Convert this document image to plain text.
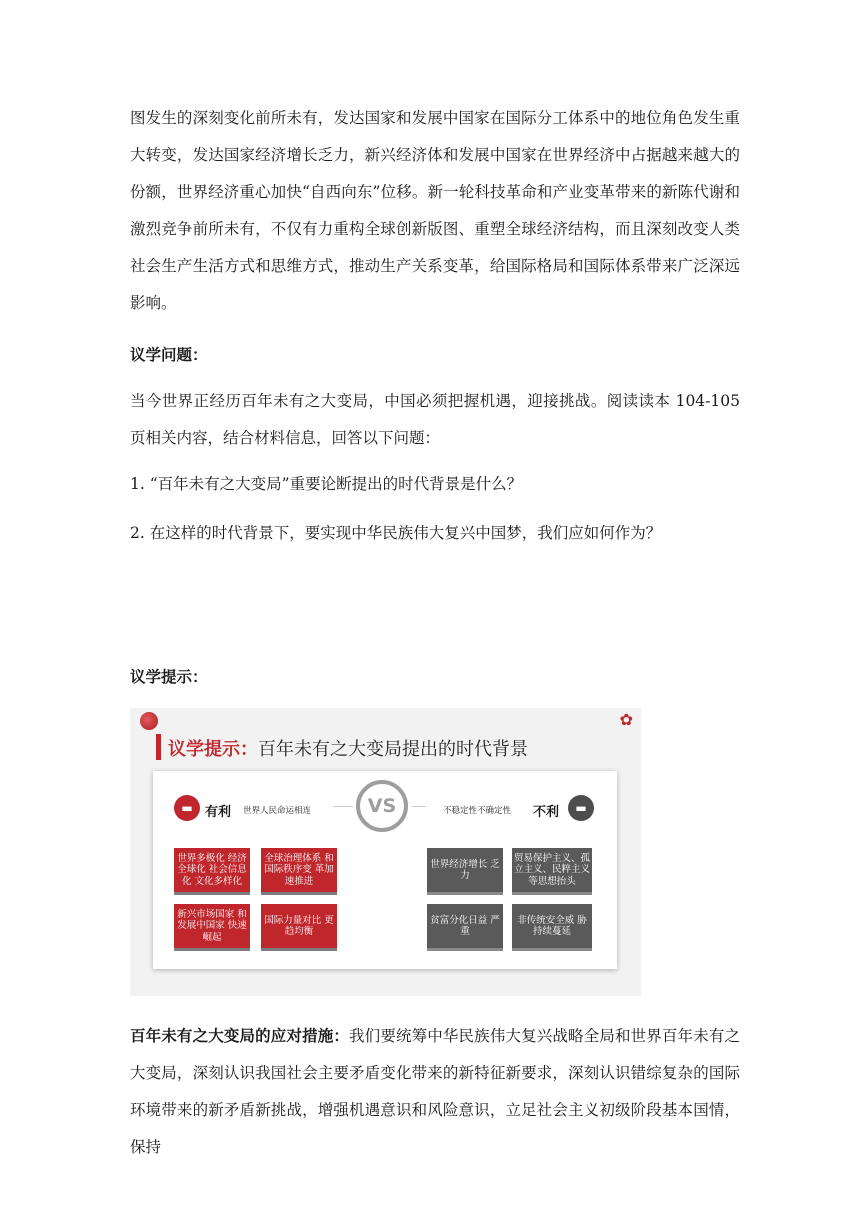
图发生的深刻变化前所未有，发达国家和发展中国家在国际分工体系中的地位角色发生重大转变，发达国家经济增长乏力，新兴经济体和发展中国家在世界经济中占据越来越大的份额，世界经济重心加快“自西向东”位移。新一轮科技革命和产业变革带来的新陈代谢和激烈竞争前所未有，不仅有力重构全球创新版图、重塑全球经济结构，而且深刻改变人类社会生产生活方式和思维方式，推动生产关系变革，给国际格局和国际体系带来广泛深远影响。

议学问题：

当今世界正经历百年未有之大变局，中国必须把握机遇，迎接挑战。阅读读本 104-105 页相关内容，结合材料信息，回答以下问题：

1. “百年未有之大变局”重要论断提出的时代背景是什么？

2. 在这样的时代背景下，要实现中华民族伟大复兴中国梦，我们应如何作为？

议学提示：

✿
议学提示：百年未有之大变局提出的时代背景
▬ 有利 世界人民命运相连	VS	不稳定性不确定性 不利	▬
世界多极化 经济全球化 社会信息化 文化多样化
全球治理体系 和国际秩序变 革加速推进
新兴市场国家 和发展中国家 快速崛起
国际力量对比 更趋均衡
世界经济增长 乏力
贸易保护主义、孤立主义、民粹主义等思想抬头
贫富分化日益 严重
非传统安全威 胁持续蔓延

百年未有之大变局的应对措施：我们要统筹中华民族伟大复兴战略全局和世界百年未有之大变局，深刻认识我国社会主要矛盾变化带来的新特征新要求，深刻认识错综复杂的国际环境带来的新矛盾新挑战，增强机遇意识和风险意识，立足社会主义初级阶段基本国情，保持
